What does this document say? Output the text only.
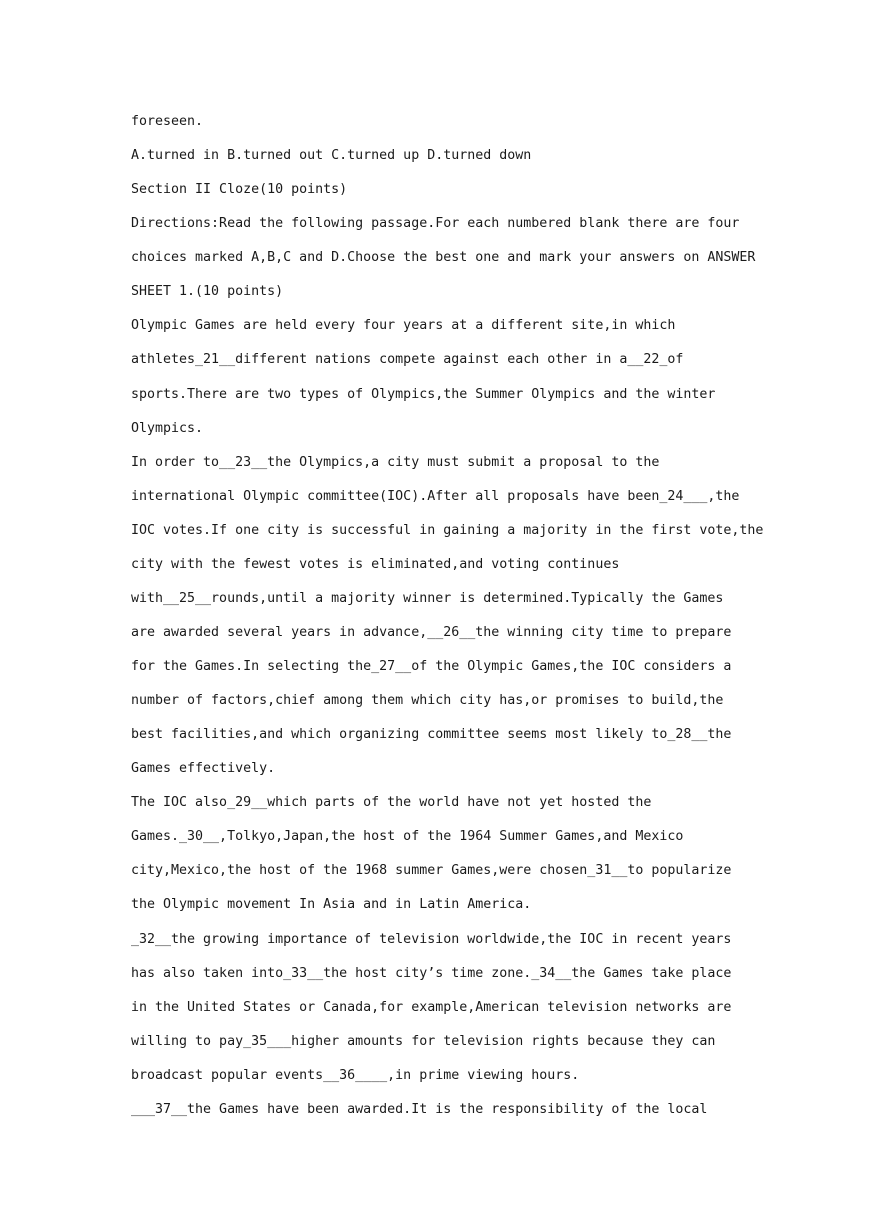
foreseen.
A.turned in B.turned out C.turned up D.turned down
Section II Cloze(10 points)
Directions:Read the following passage.For each numbered blank there are four
choices marked A,B,C and D.Choose the best one and mark your answers on ANSWER
SHEET 1.(10 points)
Olympic Games are held every four years at a different site,in which
athletes_21__different nations compete against each other in a__22_of
sports.There are two types of Olympics,the Summer Olympics and the winter
Olympics.
In order to__23__the Olympics,a city must submit a proposal to the
international Olympic committee(IOC).After all proposals have been_24___,the
IOC votes.If one city is successful in gaining a majority in the first vote,the
city with the fewest votes is eliminated,and voting continues
with__25__rounds,until a majority winner is determined.Typically the Games
are awarded several years in advance,__26__the winning city time to prepare
for the Games.In selecting the_27__of the Olympic Games,the IOC considers a
number of factors,chief among them which city has,or promises to build,the
best facilities,and which organizing committee seems most likely to_28__the
Games effectively.
The IOC also_29__which parts of the world have not yet hosted the
Games._30__,Tolkyo,Japan,the host of the 1964 Summer Games,and Mexico
city,Mexico,the host of the 1968 summer Games,were chosen_31__to popularize
the Olympic movement In Asia and in Latin America.
_32__the growing importance of television worldwide,the IOC in recent years
has also taken into_33__the host city’s time zone._34__the Games take place
in the United States or Canada,for example,American television networks are
willing to pay_35___higher amounts for television rights because they can
broadcast popular events__36____,in prime viewing hours.
___37__the Games have been awarded.It is the responsibility of the local
